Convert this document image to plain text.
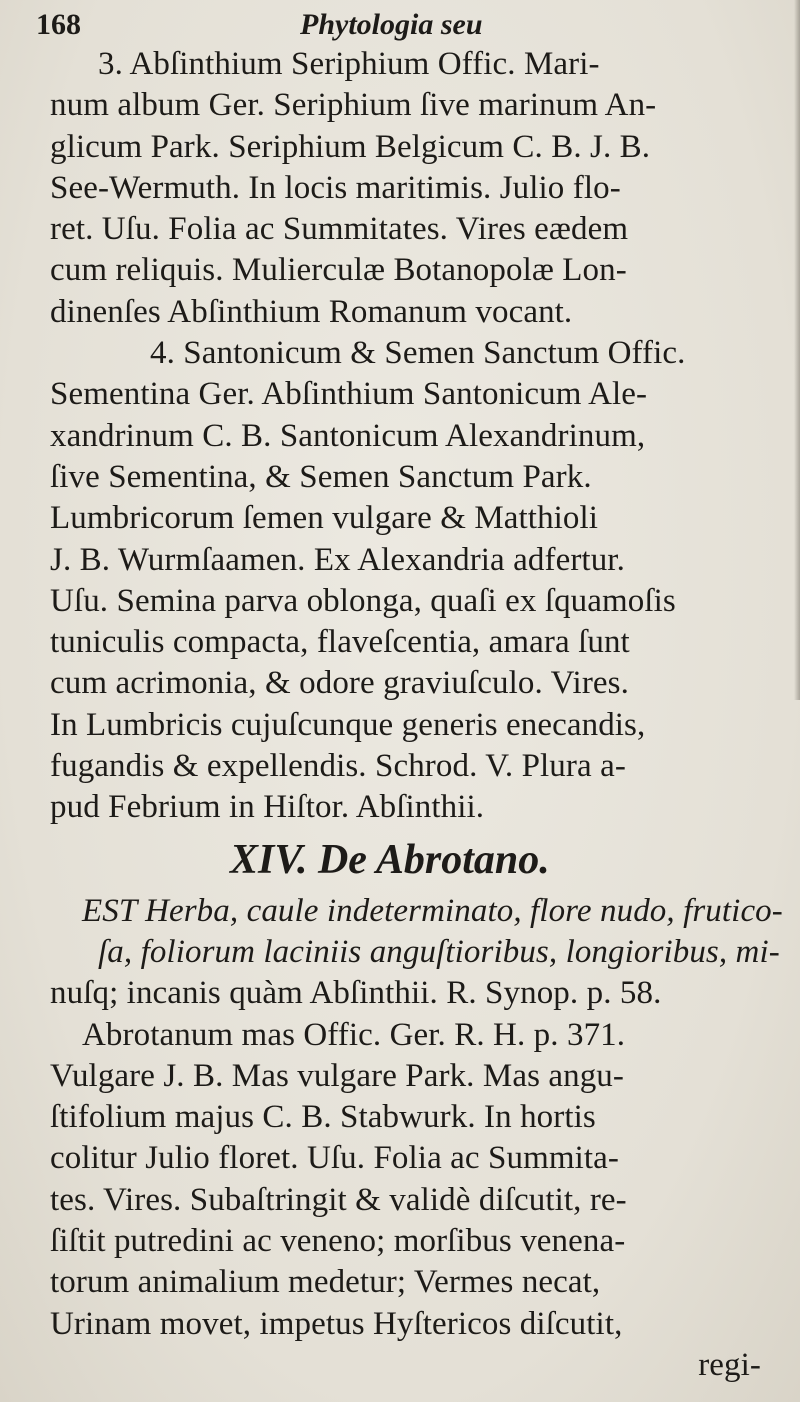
168	Phytologia seu
3. Abſinthium Seriphium Offic. Mari-
num album Ger. Seriphium ſive marinum An-
glicum Park. Seriphium Belgicum C. B. J. B.
See-Wermuth. In locis maritimis. Julio flo-
ret. Uſu. Folia ac Summitates. Vires eædem
cum reliquis. Mulierculæ Botanopolæ Lon-
dinenſes Abſinthium Romanum vocant.
4. Santonicum & Semen Sanctum Offic.
Sementina Ger. Abſinthium Santonicum Ale-
xandrinum C. B. Santonicum Alexandrinum,
ſive Sementina, & Semen Sanctum Park.
Lumbricorum ſemen vulgare & Matthioli
J. B. Wurmſaamen. Ex Alexandria adfertur.
Uſu. Semina parva oblonga, quaſi ex ſquamoſis
tuniculis compacta, flaveſcentia, amara ſunt
cum acrimonia, & odore graviuſculo. Vires.
In Lumbricis cujuſcunque generis enecandis,
fugandis & expellendis. Schrod. V. Plura a-
pud Febrium in Hiſtor. Abſinthii.
XIV. De Abrotano.
EST Herba, caule indeterminato, flore nudo, frutico-
ſa, foliorum laciniis anguſtioribus, longioribus, mi-
nuſq; incanis quàm Abſinthii. R. Synop. p. 58.
Abrotanum mas Offic. Ger. R. H. p. 371.
Vulgare J. B. Mas vulgare Park. Mas angu-
ſtifolium majus C. B. Stabwurk. In hortis
colitur Julio floret. Uſu. Folia ac Summita-
tes. Vires. Subaſtringit & validè diſcutit, re-
ſiſtit putredini ac veneno; morſibus venena-
torum animalium medetur; Vermes necat,
Urinam movet, impetus Hyſtericos diſcutit,
regi-
